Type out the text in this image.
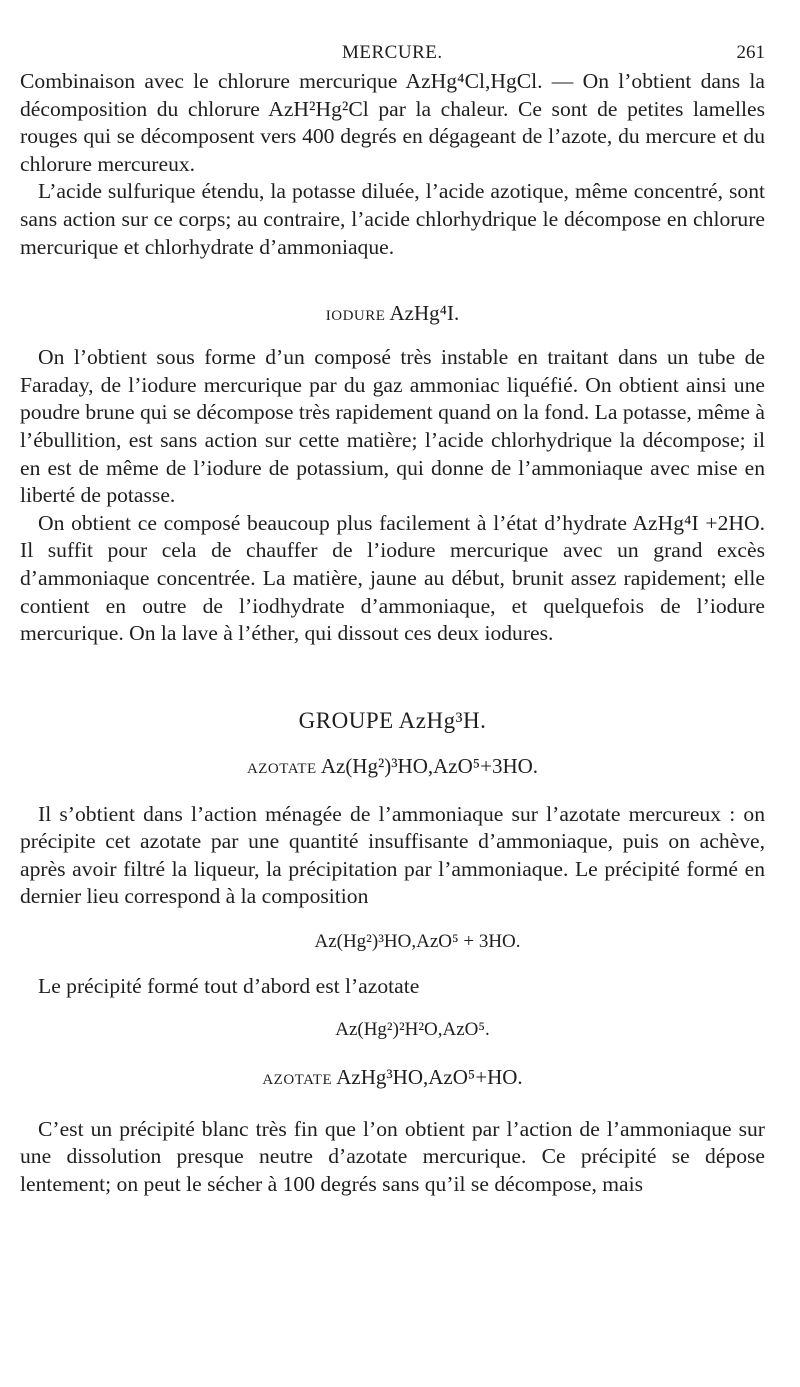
MERCURE.	261

Combinaison avec le chlorure mercurique AzHg⁴Cl,HgCl. — On l’obtient dans la décomposition du chlorure AzH²Hg²Cl par la chaleur. Ce sont de petites lamelles rouges qui se décomposent vers 400 degrés en dégageant de l’azote, du mercure et du chlorure mercureux.

L’acide sulfurique étendu, la potasse diluée, l’acide azotique, même concentré, sont sans action sur ce corps; au contraire, l’acide chlorhydrique le décompose en chlorure mercurique et chlorhydrate d’ammoniaque.

IODURE AzHg⁴I.

On l’obtient sous forme d’un composé très instable en traitant dans un tube de Faraday, de l’iodure mercurique par du gaz ammoniac liquéfié. On obtient ainsi une poudre brune qui se décompose très rapidement quand on la fond. La potasse, même à l’ébullition, est sans action sur cette matière; l’acide chlorhydrique la décompose; il en est de même de l’iodure de potassium, qui donne de l’ammoniaque avec mise en liberté de potasse.

On obtient ce composé beaucoup plus facilement à l’état d’hydrate AzHg⁴I +2HO. Il suffit pour cela de chauffer de l’iodure mercurique avec un grand excès d’ammoniaque concentrée. La matière, jaune au début, brunit assez rapidement; elle contient en outre de l’iodhydrate d’ammoniaque, et quelquefois de l’iodure mercurique. On la lave à l’éther, qui dissout ces deux iodures.

GROUPE AzHg³H.
AZOTATE Az(Hg²)³HO,AzO⁵+3HO.

Il s’obtient dans l’action ménagée de l’ammoniaque sur l’azotate mercureux : on précipite cet azotate par une quantité insuffisante d’ammoniaque, puis on achève, après avoir filtré la liqueur, la précipitation par l’ammoniaque. Le précipité formé en dernier lieu correspond à la composition

Az(Hg²)³HO,AzO⁵ + 3HO.

Le précipité formé tout d’abord est l’azotate

Az(Hg²)²H²O,AzO⁵.
AZOTATE AzHg³HO,AzO⁵+HO.

C’est un précipité blanc très fin que l’on obtient par l’action de l’ammoniaque sur une dissolution presque neutre d’azotate mercurique. Ce précipité se dépose lentement; on peut le sécher à 100 degrés sans qu’il se décompose, mais
